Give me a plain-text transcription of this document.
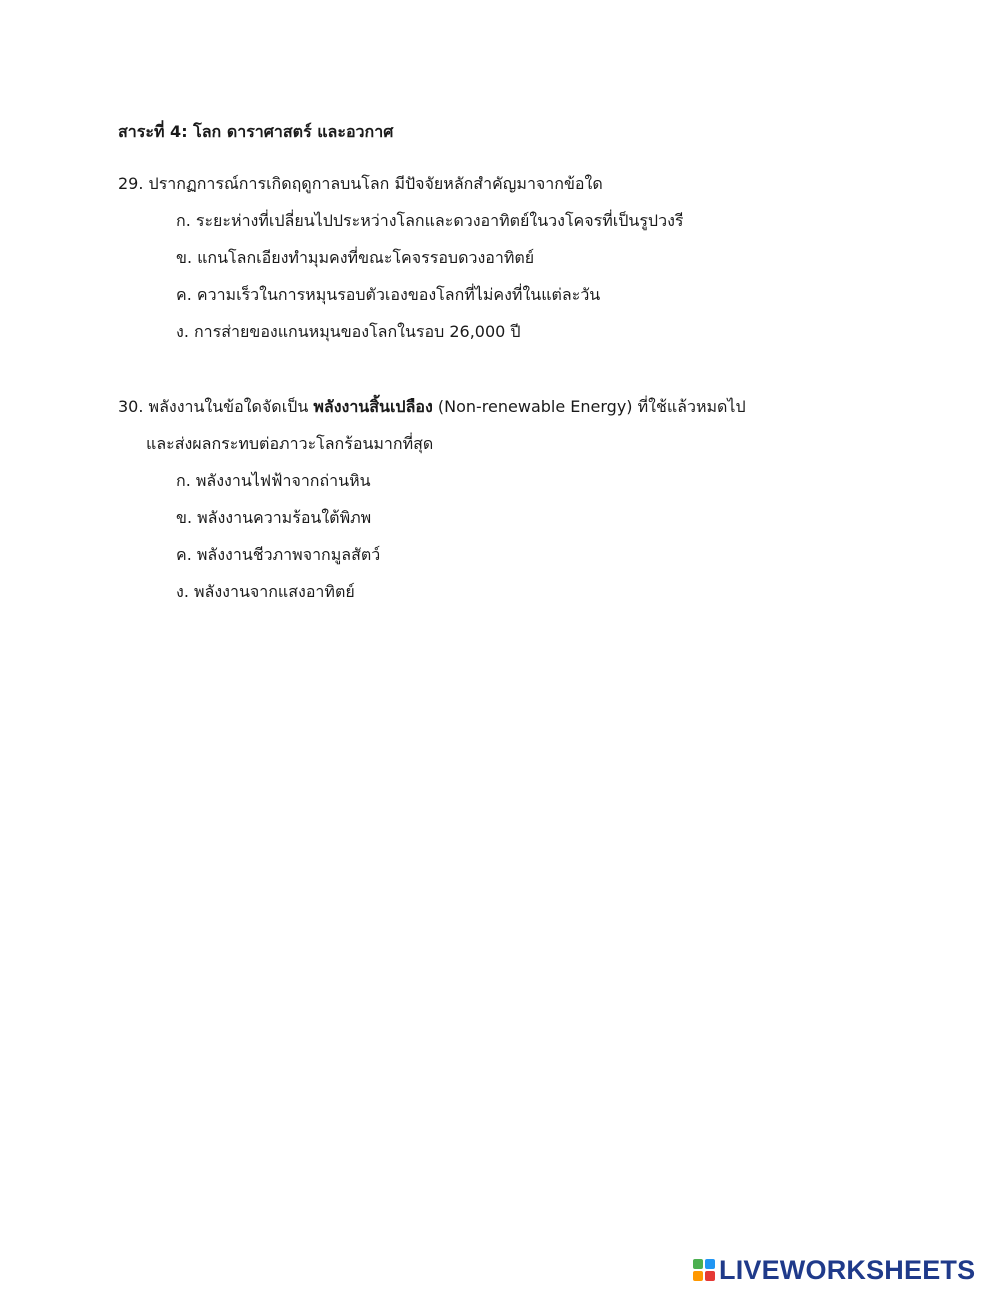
สาระที่ 4: โลก ดาราศาสตร์ และอวกาศ
29. ปรากฏการณ์การเกิดฤดูกาลบนโลก มีปัจจัยหลักสำคัญมาจากข้อใด
ก. ระยะห่างที่เปลี่ยนไปประหว่างโลกและดวงอาทิตย์ในวงโคจรที่เป็นรูปวงรี
ข. แกนโลกเอียงทำมุมคงที่ขณะโคจรรอบดวงอาทิตย์
ค. ความเร็วในการหมุนรอบตัวเองของโลกที่ไม่คงที่ในแต่ละวัน
ง. การส่ายของแกนหมุนของโลกในรอบ 26,000 ปี
30. พลังงานในข้อใดจัดเป็น พลังงานสิ้นเปลือง (Non-renewable Energy) ที่ใช้แล้วหมดไป
และส่งผลกระทบต่อภาวะโลกร้อนมากที่สุด
ก. พลังงานไฟฟ้าจากถ่านหิน
ข. พลังงานความร้อนใต้พิภพ
ค. พลังงานชีวภาพจากมูลสัตว์
ง. พลังงานจากแสงอาทิตย์
LIVEWORKSHEETS
